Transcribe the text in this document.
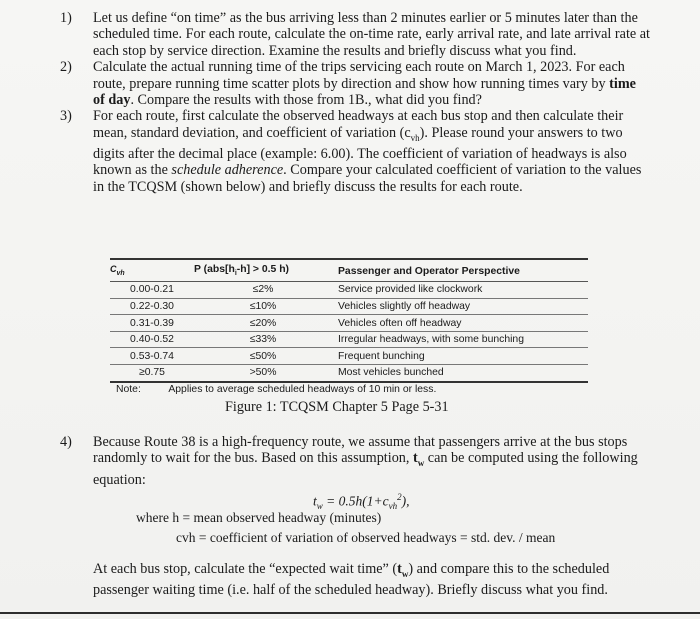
1) Let us define “on time” as the bus arriving less than 2 minutes earlier or 5 minutes later than the scheduled time. For each route, calculate the on-time rate, early arrival rate, and late arrival rate at each stop by service direction. Examine the results and briefly discuss what you find.
2) Calculate the actual running time of the trips servicing each route on March 1, 2023. For each route, prepare running time scatter plots by direction and show how running times vary by time of day. Compare the results with those from 1B., what did you find?
3) For each route, first calculate the observed headways at each bus stop and then calculate their mean, standard deviation, and coefficient of variation $(c_{vh})$. Please round your answers to two digits after the decimal place (example: 6.00). The coefficient of variation of headways is also known as the schedule adherence. Compare your calculated coefficient of variation to the values in the TCQSM (shown below) and briefly discuss the results for each route.
$C_{vh}$	P ($abs[h_i-h] > 0.5$ h)	Passenger and Operator Perspective
0.00-0.21	≤2%	Service provided like clockwork
0.22-0.30	≤10%	Vehicles slightly off headway
0.31-0.39	≤20%	Vehicles often off headway
0.40-0.52	≤33%	Irregular headways, with some bunching
0.53-0.74	≤50%	Frequent bunching
≥0.75	>50%	Most vehicles bunched
Note:	Applies to average scheduled headways of 10 min or less.
Figure 1: TCQSM Chapter 5 Page 5-31
4) Because Route 38 is a high-frequency route, we assume that passengers arrive at the bus stops randomly to wait for the bus. Based on this assumption, $t_w$ can be computed using the following equation:
$t_w = 0.5h(1+c_{vh}^2)$,
where h = mean observed headway (minutes)
cvh = coefficient of variation of observed headways = std. dev. / mean
At each bus stop, calculate the “expected wait time” $(t_w)$ and compare this to the scheduled passenger waiting time (i.e. half of the scheduled headway). Briefly discuss what you find.
